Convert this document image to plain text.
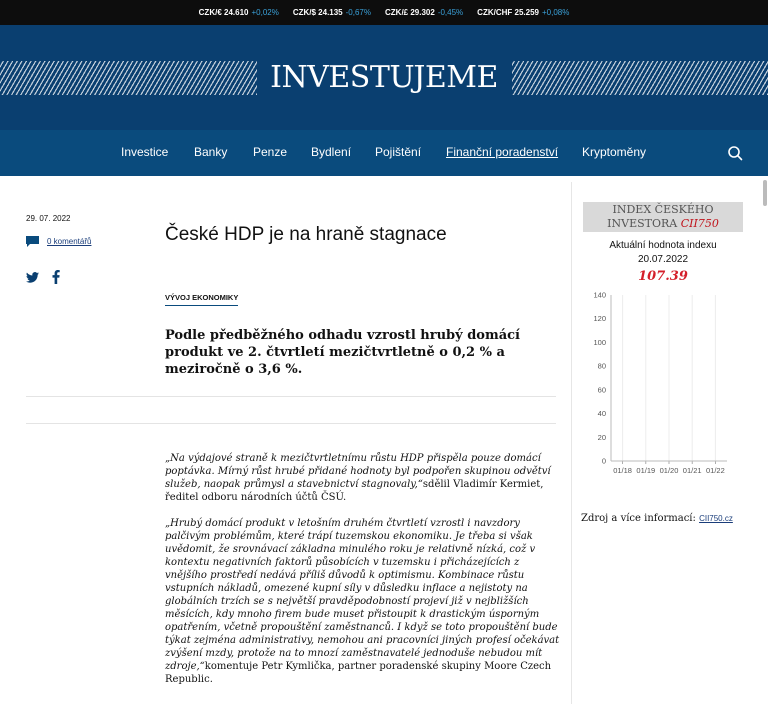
CZK/€ 24.610 +0,02% CZK/$ 24.135 -0,67% CZK/£ 29.302 -0,45% CZK/CHF 25.259 +0,08%
INVESTUJEME
Investice Banky Penze Bydlení Pojištění Finanční poradenství Kryptoměny
29. 07. 2022
0 komentářů	České HDP je na hraně stagnace
VÝVOJ EKONOMIKY
Podle předběžného odhadu vzrostl hrubý domácí produkt ve 2. čtvrtletí mezičtvrtletně o 0,2 % a meziročně o 3,6 %.
„Na výdajové straně k mezičtvrtletnímu růstu HDP přispěla pouze domácí poptávka. Mírný růst hrubé přidané hodnoty byl podpořen skupinou odvětví služeb, naopak průmysl a stavebnictví stagnovaly,“sdělil Vladimír Kermiet, ředitel odboru národních účtů ČSÚ.
„Hrubý domácí produkt v letošním druhém čtvrtletí vzrostl i navzdory palčivým problémům, které trápí tuzemskou ekonomiku. Je třeba si však uvědomit, že srovnávací základna minulého roku je relativně nízká, což v kontextu negativních faktorů působících v tuzemsku i přicházejících z vnějšího prostředí nedává příliš důvodů k optimismu. Kombinace růstu vstupních nákladů, omezené kupní síly v důsledku inflace a nejistoty na globálních trzích se s největší pravděpodobností projeví již v nejbližších měsících, kdy mnoho firem bude muset přistoupit k drastickým úsporným opatřením, včetně propouštění zaměstnanců. I když se toto propouštění bude týkat zejména administrativy, nemohou ani pracovníci jiných profesí očekávat zvýšení mzdy, protože na to mnozí zaměstnavatelé jednoduše nebudou mít zdroje,“komentuje Petr Kymlička, partner poradenské skupiny Moore Czech Republic.
INDEX ČESKÉHO
INVESTORA CII750
Aktuální hodnota indexu
20.07.2022
107.39
01/18 01/19 01/20 01/21 01/22
0
20
40
60
80
100
120
140
Zdroj a více informací: CII750.cz
